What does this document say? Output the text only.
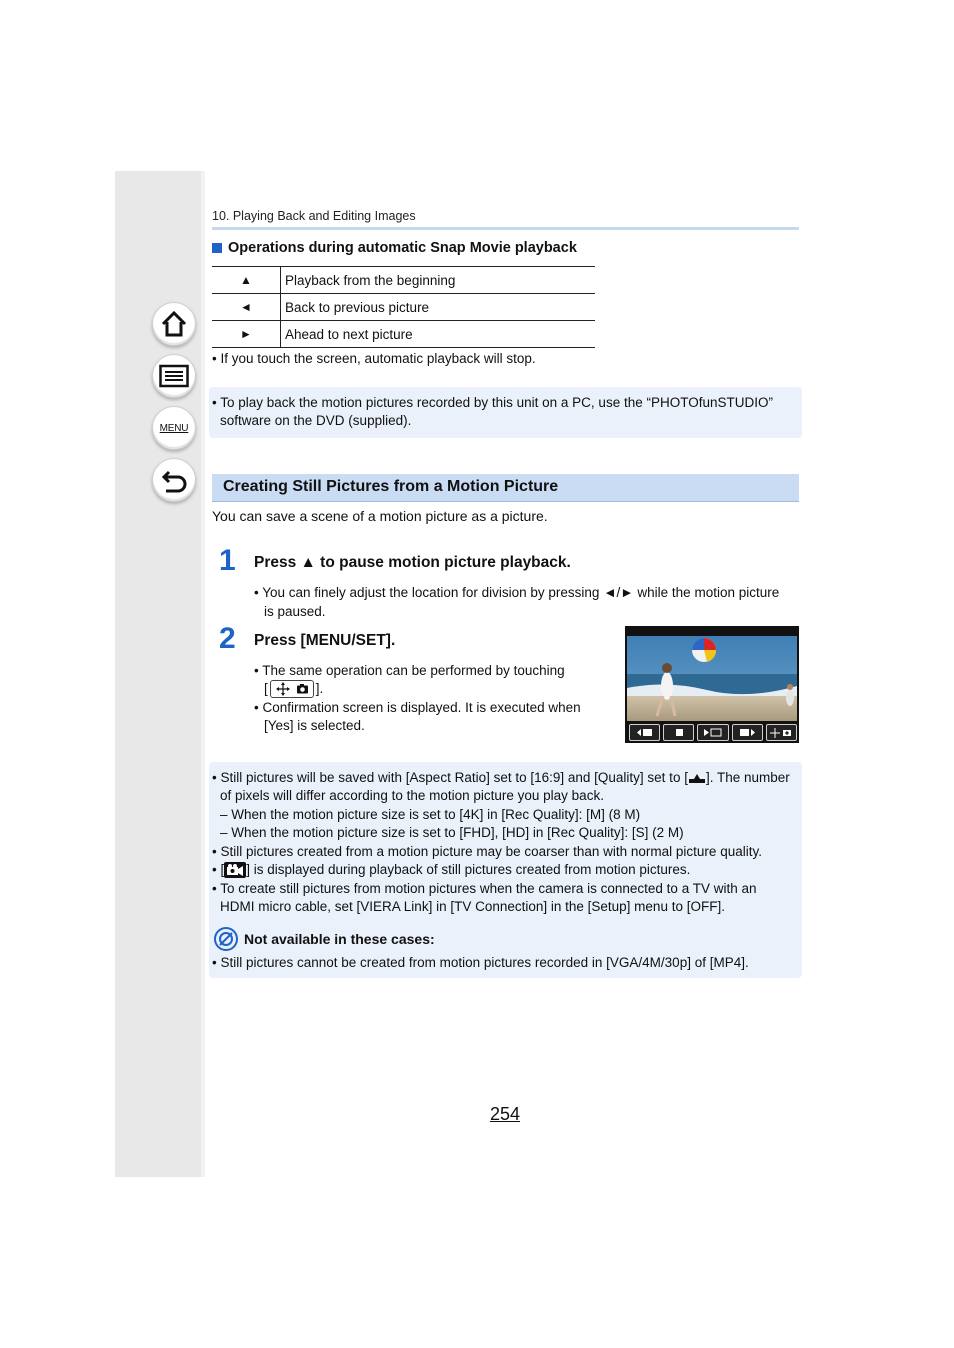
MENU
10. Playing Back and Editing Images
Operations during automatic Snap Movie playback
▲	Playback from the beginning
◄	Back to previous picture
►	Ahead to next picture
• If you touch the screen, automatic playback will stop.
• To play back the motion pictures recorded by this unit on a PC, use the “PHOTOfunSTUDIO”
software on the DVD (supplied).
Creating Still Pictures from a Motion Picture
You can save a scene of a motion picture as a picture.
1 Press ▲ to pause motion picture playback.
• You can finely adjust the location for division by pressing ◄/► while the motion picture
is paused.
2 Press [MENU/SET].
• The same operation can be performed by touching
[	].
• Confirmation screen is displayed. It is executed when
[Yes] is selected.
• Still pictures will be saved with [Aspect Ratio] set to [16:9] and [Quality] set to [ ]. The number
of pixels will differ according to the motion picture you play back.
– When the motion picture size is set to [4K] in [Rec Quality]: [M] (8 M)
– When the motion picture size is set to [FHD], [HD] in [Rec Quality]: [S] (2 M)
• Still pictures created from a motion picture may be coarser than with normal picture quality.
• [ ] is displayed during playback of still pictures created from motion pictures.
• To create still pictures from motion pictures when the camera is connected to a TV with an
HDMI micro cable, set [VIERA Link] in [TV Connection] in the [Setup] menu to [OFF].
• Still pictures cannot be created from motion pictures recorded in [VGA/4M/30p] of [MP4].
Not available in these cases:
254
